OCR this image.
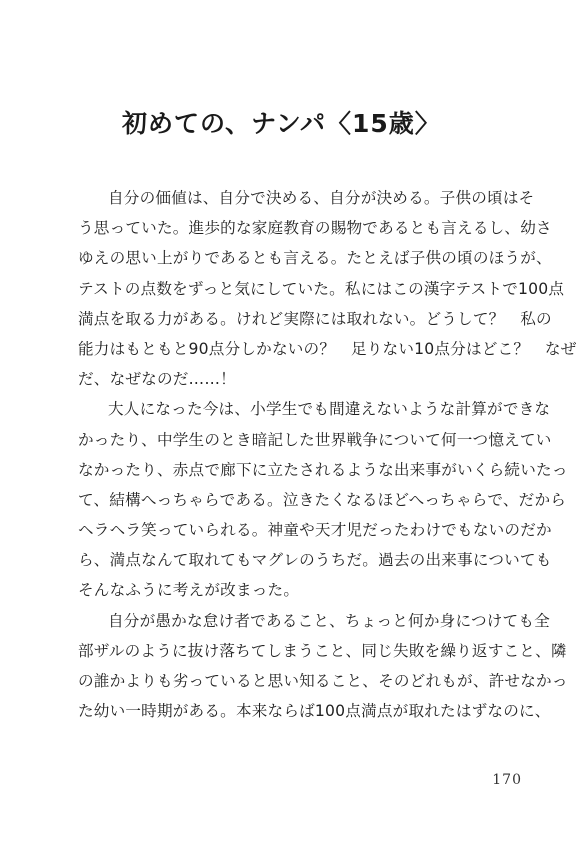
初めての、ナンパ〈15歳〉
自分の価値は、自分で決める、自分が決める。子供の頃はそ
う思っていた。進歩的な家庭教育の賜物であるとも言えるし、幼さ
ゆえの思い上がりであるとも言える。たとえば子供の頃のほうが、
テストの点数をずっと気にしていた。私にはこの漢字テストで100点
満点を取る力がある。けれど実際には取れない。どうして？　私の
能力はもともと90点分しかないの？　足りない10点分はどこ？　なぜ
だ、なぜなのだ……！
大人になった今は、小学生でも間違えないような計算ができな
かったり、中学生のとき暗記した世界戦争について何一つ憶えてい
なかったり、赤点で廊下に立たされるような出来事がいくら続いたっ
て、結構へっちゃらである。泣きたくなるほどへっちゃらで、だから
ヘラヘラ笑っていられる。神童や天才児だったわけでもないのだか
ら、満点なんて取れてもマグレのうちだ。過去の出来事についても
そんなふうに考えが改まった。
自分が愚かな怠け者であること、ちょっと何か身につけても全
部ザルのように抜け落ちてしまうこと、同じ失敗を繰り返すこと、隣
の誰かよりも劣っていると思い知ること、そのどれもが、許せなかっ
た幼い一時期がある。本来ならば100点満点が取れたはずなのに、
170
